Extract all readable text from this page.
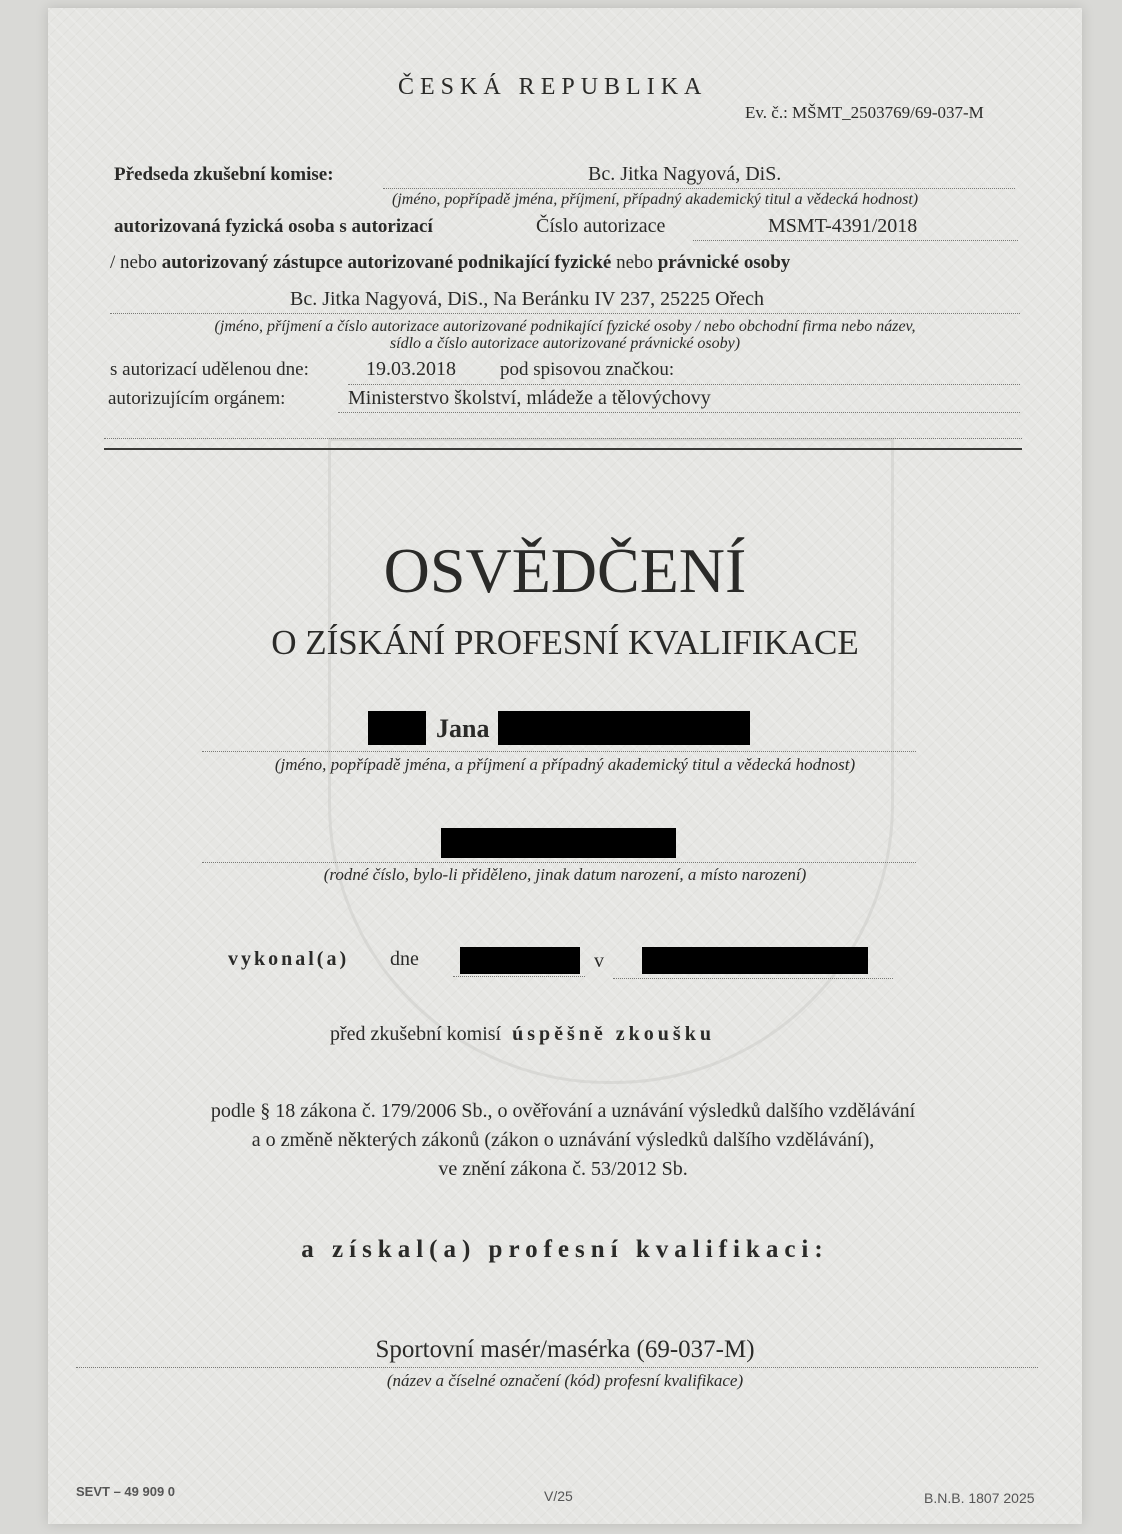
ČESKÁ REPUBLIKA
Ev. č.: MŠMT_2503769/69-037-M
Předseda zkušební komise:	Bc. Jitka Nagyová, DiS.
(jméno, popřípadě jména, příjmení, případný akademický titul a vědecká hodnost)
autorizovaná fyzická osoba s autorizací	Číslo autorizace	MSMT-4391/2018
/ nebo autorizovaný zástupce autorizované podnikající fyzické nebo právnické osoby
Bc. Jitka Nagyová, DiS., Na Beránku IV 237, 25225 Ořech
(jméno, příjmení a číslo autorizace autorizované podnikající fyzické osoby / nebo obchodní firma nebo název,
sídlo a číslo autorizace autorizované právnické osoby)
s autorizací udělenou dne:	19.03.2018 pod spisovou značkou:
autorizujícím orgánem:	Ministerstvo školství, mládeže a tělovýchovy
OSVĚDČENÍ
O ZÍSKÁNÍ PROFESNÍ KVALIFIKACE
Jana
(jméno, popřípadě jména, a příjmení a případný akademický titul a vědecká hodnost)
(rodné číslo, bylo-li přiděleno, jinak datum narození, a místo narození)
vykonal(a) dne	v
před zkušební komisí úspěšně zkoušku
podle § 18 zákona č. 179/2006 Sb., o ověřování a uznávání výsledků dalšího vzdělávání
a o změně některých zákonů (zákon o uznávání výsledků dalšího vzdělávání),
ve znění zákona č. 53/2012 Sb.
a získal(a) profesní kvalifikaci:
Sportovní masér/masérka (69-037-M)
(název a číselné označení (kód) profesní kvalifikace)
SEVT – 49 909 0	V/25	B.N.B. 1807 2025
